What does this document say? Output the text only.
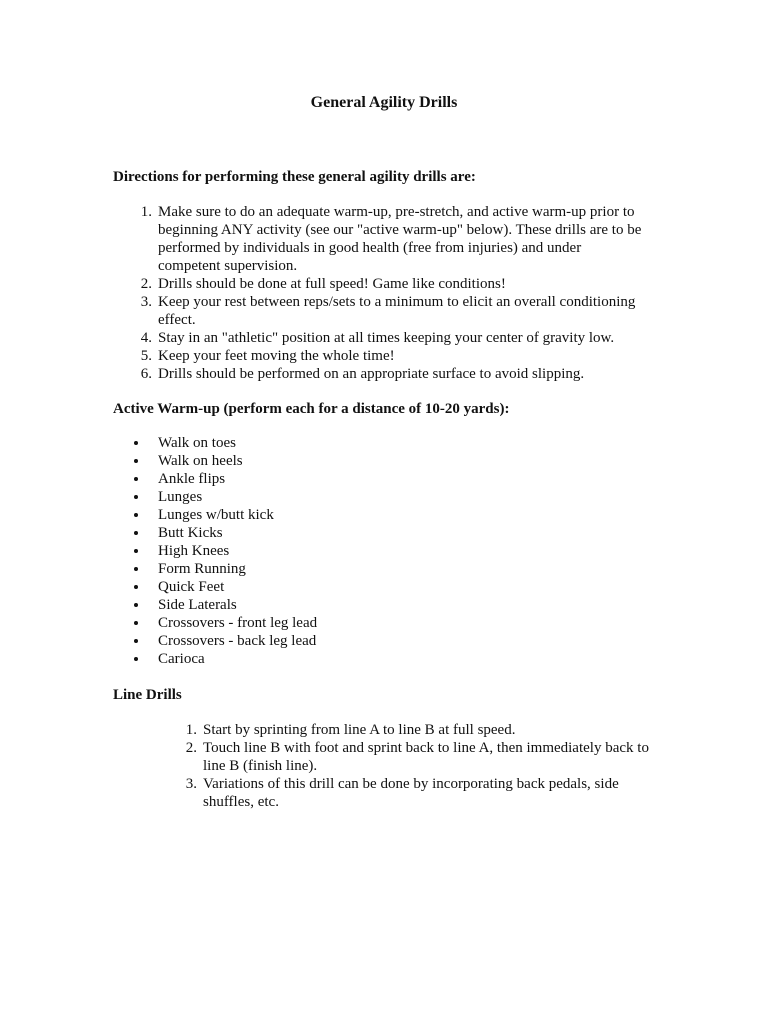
General Agility Drills
Directions for performing these general agility drills are:
1. Make sure to do an adequate warm-up, pre-stretch, and active warm-up prior to beginning ANY activity (see our "active warm-up" below). These drills are to be performed by individuals in good health (free from injuries) and under competent supervision.
2. Drills should be done at full speed! Game like conditions!
3. Keep your rest between reps/sets to a minimum to elicit an overall conditioning effect.
4. Stay in an "athletic" position at all times keeping your center of gravity low.
5. Keep your feet moving the whole time!
6. Drills should be performed on an appropriate surface to avoid slipping.
Active Warm-up (perform each for a distance of 10-20 yards):
Walk on toes
Walk on heels
Ankle flips
Lunges
Lunges w/butt kick
Butt Kicks
High Knees
Form Running
Quick Feet
Side Laterals
Crossovers - front leg lead
Crossovers - back leg lead
Carioca
Line Drills
1. Start by sprinting from line A to line B at full speed.
2. Touch line B with foot and sprint back to line A, then immediately back to line B (finish line).
3. Variations of this drill can be done by incorporating back pedals, side shuffles, etc.
